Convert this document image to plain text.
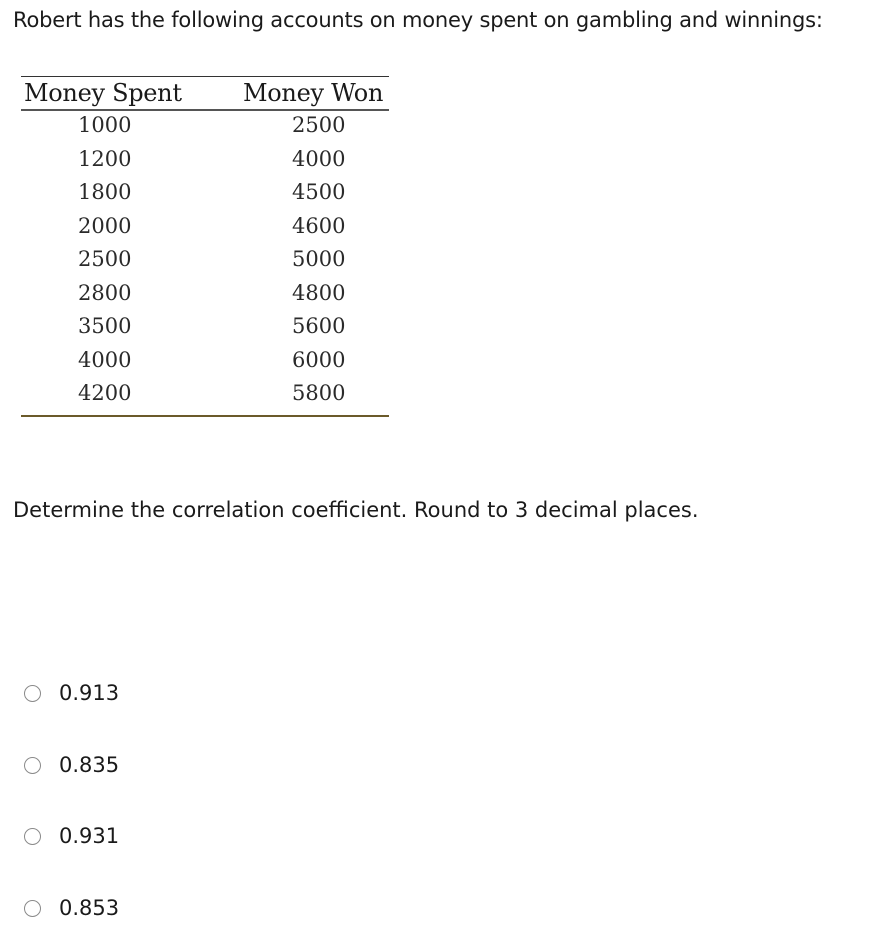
Robert has the following accounts on money spent on gambling and winnings:
Money Spent	Money Won
1000	2500
1200	4000
1800	4500
2000	4600
2500	5000
2800	4800
3500	5600
4000	6000
4200	5800
Determine the correlation coefficient. Round to 3 decimal places.
0.913
0.835
0.931
0.853
